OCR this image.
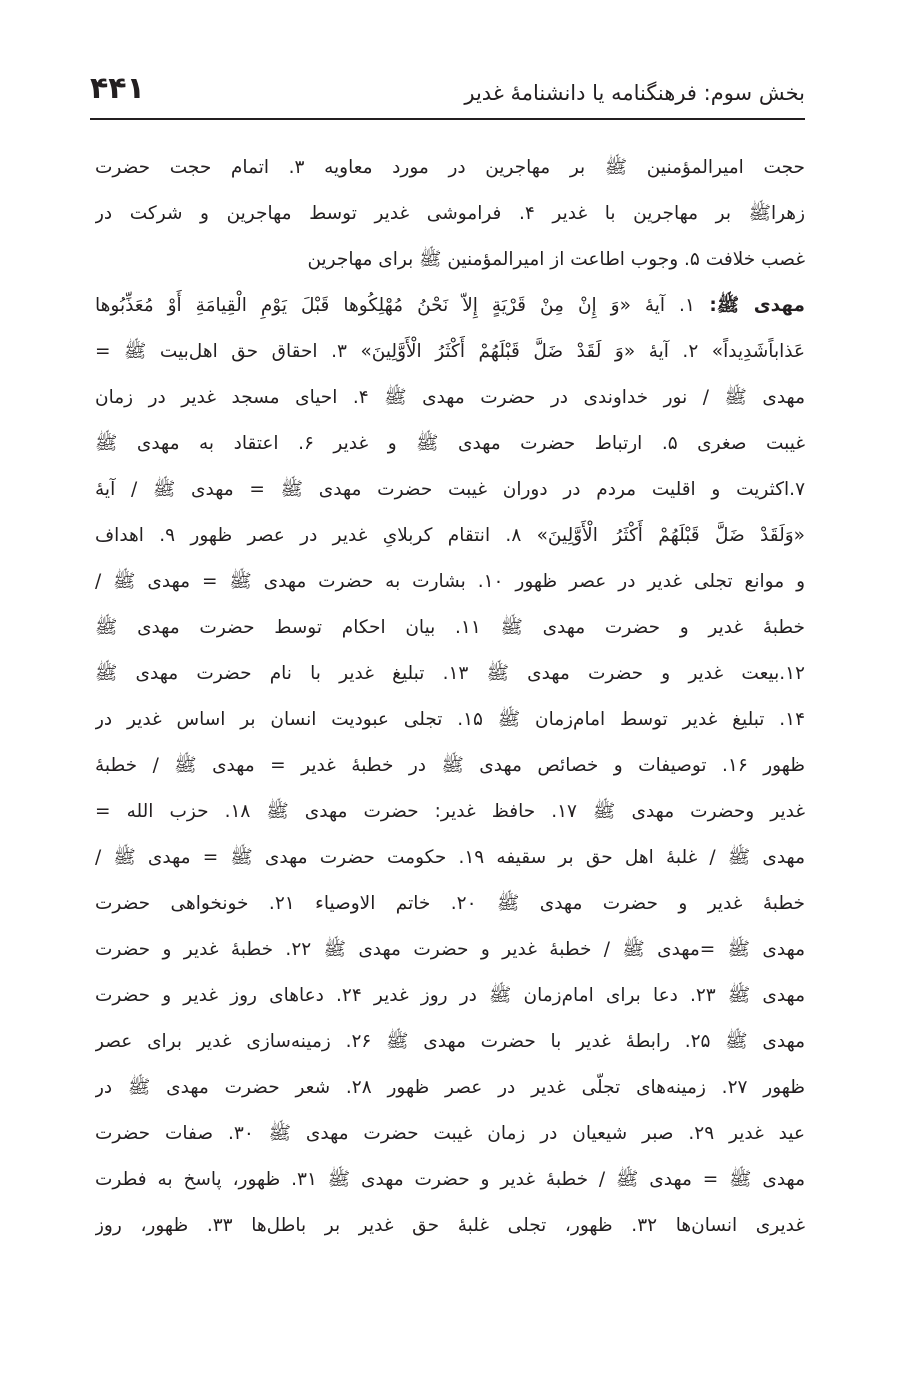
بخش سوم: فرهنگنامه یا دانشنامهٔ غدیر
۴۴۱
حجت امیرالمؤمنین ﷺ بر مهاجرین در مورد معاویه ۳. اتمام حجت حضرت
زهراﷺ بر مهاجرین با غدیر ۴. فراموشی غدیر توسط مهاجرین و شرکت در
غصب خلافت ۵. وجوب اطاعت از امیرالمؤمنین ﷺ برای مهاجرین
مهدی ﷺ: ۱. آیهٔ «وَ إِنْ مِنْ قَرْيَةٍ إِلاّ نَحْنُ مُهْلِكُوها قَبْلَ يَوْمِ الْقِيامَةِ أَوْ مُعَذِّبُوها
عَذاباًشَدِيداً» ۲. آیهٔ «وَ لَقَدْ ضَلَّ قَبْلَهُمْ أَكْثَرُ الْأَوَّلِينَ» ۳. احقاق حق اهل‌بیت ﷺ =
مهدی ﷺ / نور خداوندی در حضرت مهدی ﷺ ۴. احیای مسجد غدیر در زمان
غیبت صغری ۵. ارتباط حضرت مهدی ﷺ و غدیر ۶. اعتقاد به مهدی ﷺ
۷.اکثریت و اقلیت مردم در دوران غیبت حضرت مهدی ﷺ = مهدی ﷺ / آیهٔ
«وَلَقَدْ ضَلَّ قَبْلَهُمْ أَكْثَرُ الْأَوَّلِينَ» ۸. انتقام کربلایِ غدیر در عصر ظهور ۹. اهداف
و موانع تجلی غدیر در عصر ظهور ۱۰. بشارت به حضرت مهدی ﷺ = مهدی ﷺ /
خطبهٔ غدیر و حضرت مهدی ﷺ ۱۱. بیان احکام توسط حضرت مهدی ﷺ
۱۲.بیعت غدیر و حضرت مهدی ﷺ ۱۳. تبلیغ غدیر با نام حضرت مهدی ﷺ
۱۴. تبلیغ غدیر توسط امام‌زمان ﷺ ۱۵. تجلی عبودیت انسان بر اساس غدیر در
ظهور ۱۶. توصیفات و خصائص مهدی ﷺ در خطبهٔ غدیر = مهدی ﷺ / خطبهٔ
غدیر وحضرت مهدی ﷺ ۱۷. حافظ غدیر: حضرت مهدی ﷺ ۱۸. حزب الله =
مهدی ﷺ / غلبهٔ اهل حق بر سقیفه ۱۹. حکومت حضرت مهدی ﷺ = مهدی ﷺ /
خطبهٔ غدیر و حضرت مهدی ﷺ ۲۰. خاتم الاوصیاء ۲۱. خونخواهی حضرت
مهدی ﷺ =مهدی ﷺ / خطبهٔ غدیر و حضرت مهدی ﷺ ۲۲. خطبهٔ غدیر و حضرت
مهدی ﷺ ۲۳. دعا برای امام‌زمان ﷺ در روز غدیر ۲۴. دعاهای روز غدیر و حضرت
مهدی ﷺ ۲۵. رابطهٔ غدیر با حضرت مهدی ﷺ ۲۶. زمینه‌سازی غدیر برای عصر
ظهور ۲۷. زمینه‌های تجلّی غدیر در عصر ظهور ۲۸. شعر حضرت مهدی ﷺ در
عید غدیر ۲۹. صبر شیعیان در زمان غیبت حضرت مهدی ﷺ ۳۰. صفات حضرت
مهدی ﷺ = مهدی ﷺ / خطبهٔ غدیر و حضرت مهدی ﷺ ۳۱. ظهور، پاسخ به فطرت
غدیری انسان‌ها ۳۲. ظهور، تجلی غلبهٔ حق غدیر بر باطل‌ها ۳۳. ظهور، روز
